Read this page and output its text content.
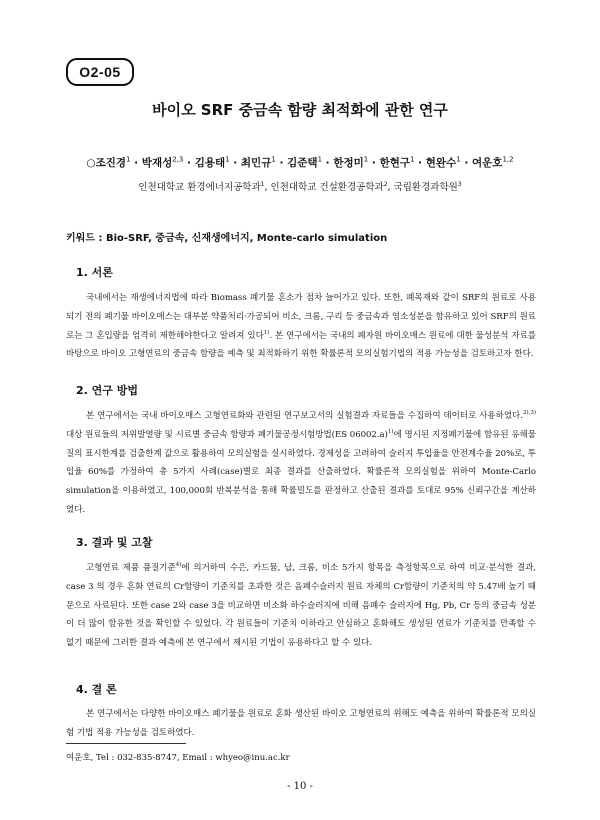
O2-05
바이오 SRF 중금속 함량 최적화에 관한 연구
○조진경$^1$ · 박재성$^{2,3}$ · 김용태$^1$ · 최민규$^1$ · 김준택$^1$ · 한정미$^1$ · 한현구$^1$ · 현완수$^1$ · 여운호$^{1,2}$
인천대학교 환경에너지공학과$^1$, 인천대학교 건설환경공학과$^2$, 국립환경과학원$^3$
키워드 : Bio-SRF, 중금속, 신재생에너지, Monte-carlo simulation
1. 서론
국내에서는 재생에너지법에 따라 Biomass 폐기물 혼소가 점차 늘어가고 있다. 또한, 폐목재와 같이 SRF의 원료로 사용되기 전의 폐기물 바이오매스는 대부분 약품처리·가공되어 비소, 크롬, 구리 등 중금속과 염소성분을 함유하고 있어 SRF의 원료로는 그 혼입량을 엄격히 제한해야한다고 알려져 있다$^{1)}$. 본 연구에서는 국내의 폐자원 바이오매스 원료에 대한 물성분석 자료를 바탕으로 바이오 고형연료의 중금속 함량을 예측 및 최적화하기 위한 확률론적 모의실험기법의 적용 가능성을 검토하고자 한다.
2. 연구 방법
본 연구에서는 국내 바이오매스 고형연료화와 관련된 연구보고서의 실험결과 자료들을 수집하여 데이터로 사용하였다.$^{2),3)}$ 대상 원료들의 저위발열량 및 시료별 중금속 함량과 폐기물공정시험방법(ES 06002.a)$^{1)}$에 명시된 지정폐기물에 함유된 유해물질의 표시한계를 검출한계 값으로 활용하여 모의실험을 실시하였다. 경제성을 고려하여 슬러지 투입율을 안전계수율 20%로, 투입율 60%를 가정하여 총 5가지 사례(case)별로 최종 결과를 산출하였다. 확률론적 모의실험을 위하여 Monte-Carlo simulation을 이용하였고, 100,000회 반복분석을 통해 확률밀도를 판정하고 산출된 결과를 토대로 95% 신뢰구간을 계산하였다.
3. 결과 및 고찰
고형연료 제품 품질기준$^{4)}$에 의거하여 수은, 카드뮴, 납, 크롬, 비소 5가지 항목을 측정항목으로 하여 비교·분석한 결과, case 3 의 경우 혼화 연료의 Cr함량이 기준치를 초과한 것은 음폐수슬러지 원료 자체의 Cr함량이 기준치의 약 5.47배 높기 때문으로 사료된다. 또한 case 2와 case 3을 비교하면 비소화 하수슬러지에 비해 음폐수 슬러지에 Hg, Pb, Cr 등의 중금속 성분이 더 많이 함유한 것을 확인할 수 있었다. 각 원료들이 기준치 이하라고 안심하고 혼화해도 생성된 연료가 기준치를 만족할 수 없기 때문에 그러한 결과 예측에 본 연구에서 제시된 기법이 유용하다고 할 수 있다.
4. 결 론
본 연구에서는 다양한 바이오매스 폐기물을 원료로 혼화 생산된 바이오 고형연료의 위해도 예측을 위하여 확률론적 모의실험 기법 적용 가능성을 검토하였다.
여운호, Tel : 032-835-8747, Email : whyeo@inu.ac.kr
- 10 -
